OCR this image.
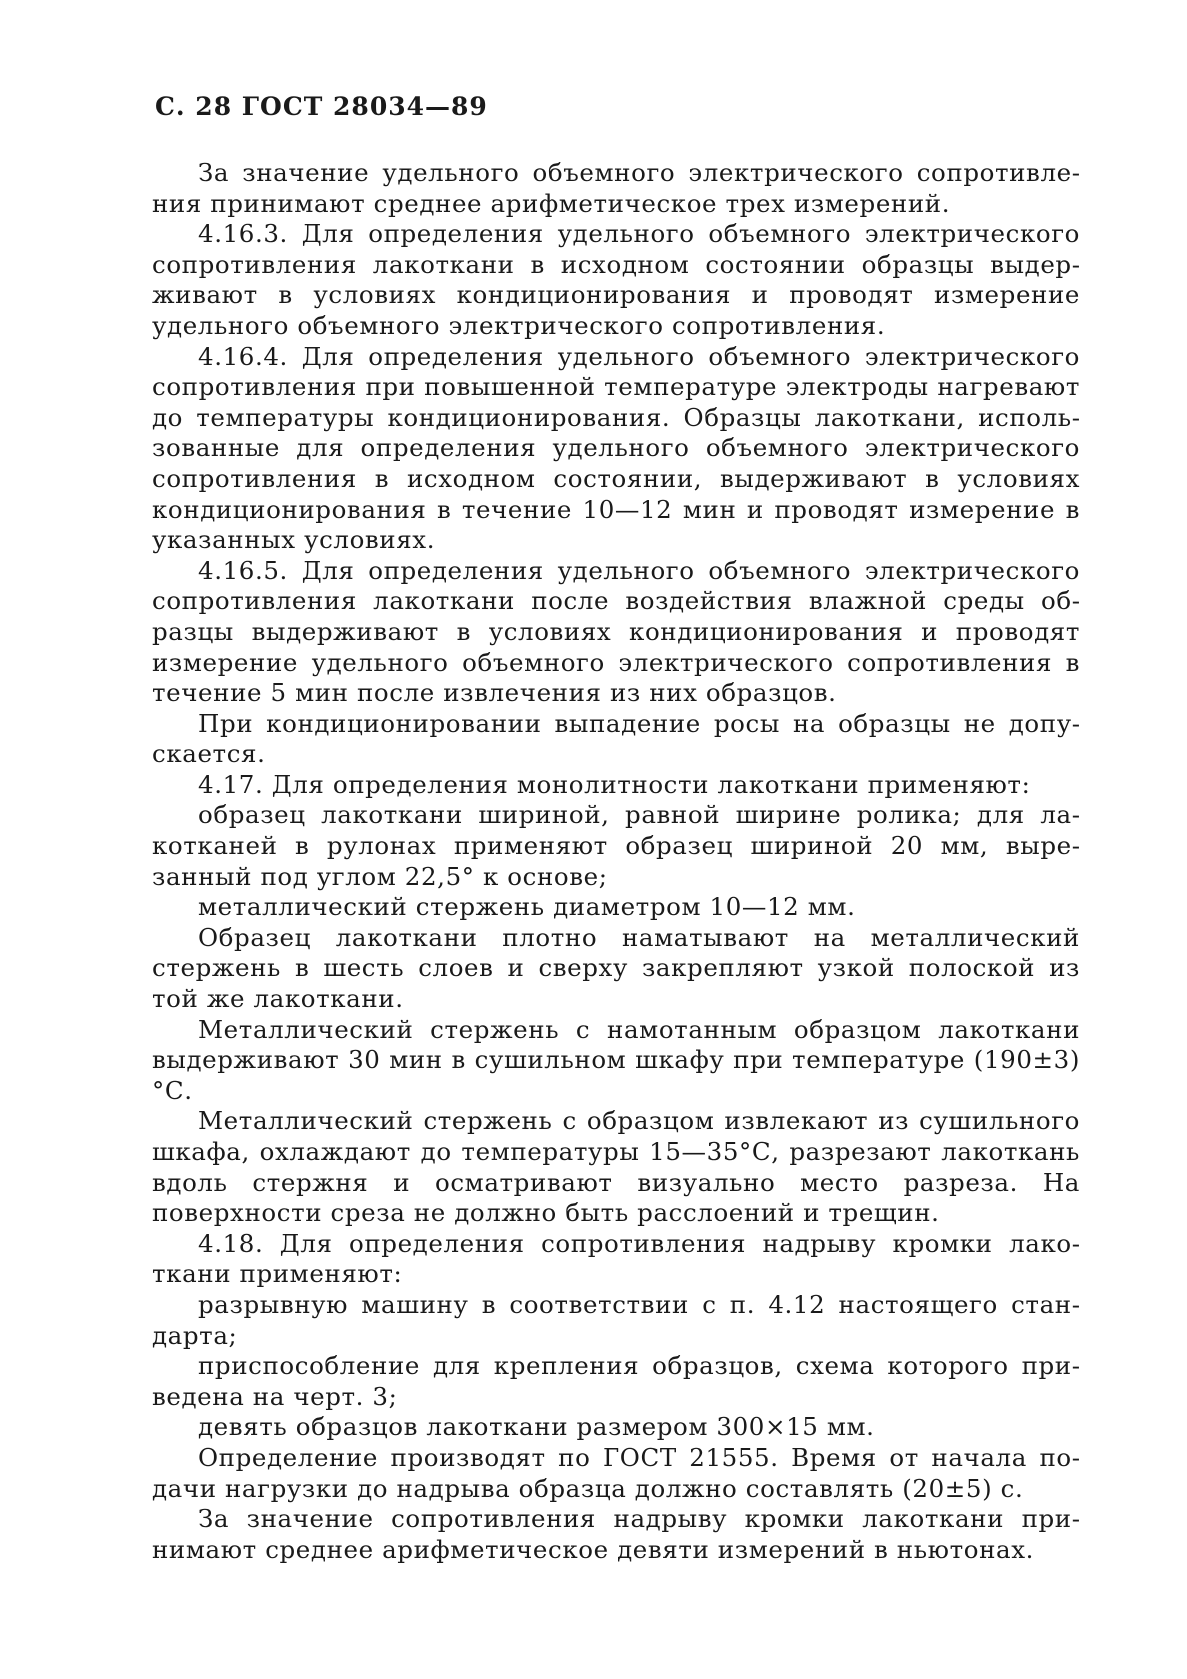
С. 28 ГОСТ 28034—89

За значение удельного объемного электрического сопротивления принимают среднее арифметическое трех измерений.

4.16.3. Для определения удельного объемного электрического сопротивления лакоткани в исходном состоянии образцы выдерживают в условиях кондиционирования и проводят измерение удельного объемного электрического сопротивления.

4.16.4. Для определения удельного объемного электрического сопротивления при повышенной температуре электроды нагревают до температуры кондиционирования. Образцы лакоткани, использованные для определения удельного объемного электрического сопротивления в исходном состоянии, выдерживают в условиях кондиционирования в течение 10—12 мин и проводят измерение в указанных условиях.

4.16.5. Для определения удельного объемного электрического сопротивления лакоткани после воздействия влажной среды образцы выдерживают в условиях кондиционирования и проводят измерение удельного объемного электрического сопротивления в течение 5 мин после извлечения из них образцов.

При кондиционировании выпадение росы на образцы не допускается.

4.17. Для определения монолитности лакоткани применяют:

образец лакоткани шириной, равной ширине ролика; для лакотканей в рулонах применяют образец шириной 20 мм, вырезанный под углом 22,5° к основе;

металлический стержень диаметром 10—12 мм.

Образец лакоткани плотно наматывают на металлический стержень в шесть слоев и сверху закрепляют узкой полоской из той же лакоткани.

Металлический стержень с намотанным образцом лакоткани выдерживают 30 мин в сушильном шкафу при температуре (190±3)°С.

Металлический стержень с образцом извлекают из сушильного шкафа, охлаждают до температуры 15—35°С, разрезают лакоткань вдоль стержня и осматривают визуально место разреза. На поверхности среза не должно быть расслоений и трещин.

4.18. Для определения сопротивления надрыву кромки лакоткани применяют:

разрывную машину в соответствии с п. 4.12 настоящего стандарта;

приспособление для крепления образцов, схема которого приведена на черт. 3;

девять образцов лакоткани размером 300×15 мм.

Определение производят по ГОСТ 21555. Время от начала подачи нагрузки до надрыва образца должно составлять (20±5) с.

За значение сопротивления надрыву кромки лакоткани принимают среднее арифметическое девяти измерений в ньютонах.
